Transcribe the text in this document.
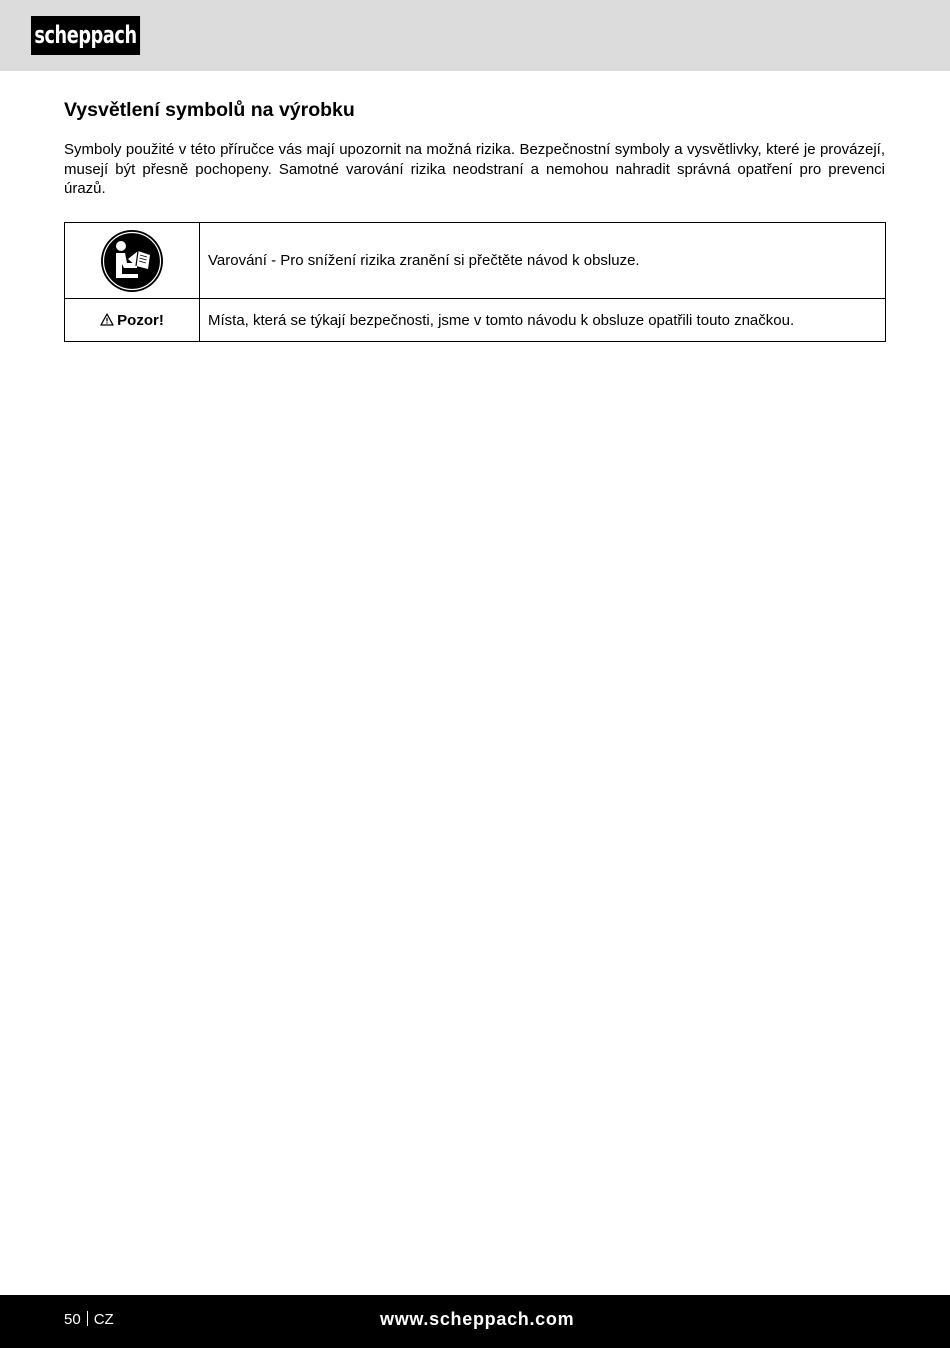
scheppach
Vysvětlení symbolů na výrobku

Symboly použité v této příručce vás mají upozornit na možná rizika. Bezpečnostní symboly a vysvětlivky, které je provázejí, musejí být přesně pochopeny. Samotné varování rizika neodstraní a nemohou nahradit správná opatření pro prevenci úrazů.

	Varování - Pro snížení rizika zranění si přečtěte návod k obsluze.
Pozor!	Místa, která se týkají bezpečnosti, jsme v tomto návodu k obsluze opatřili touto značkou.
50 CZ	www.scheppach.com
